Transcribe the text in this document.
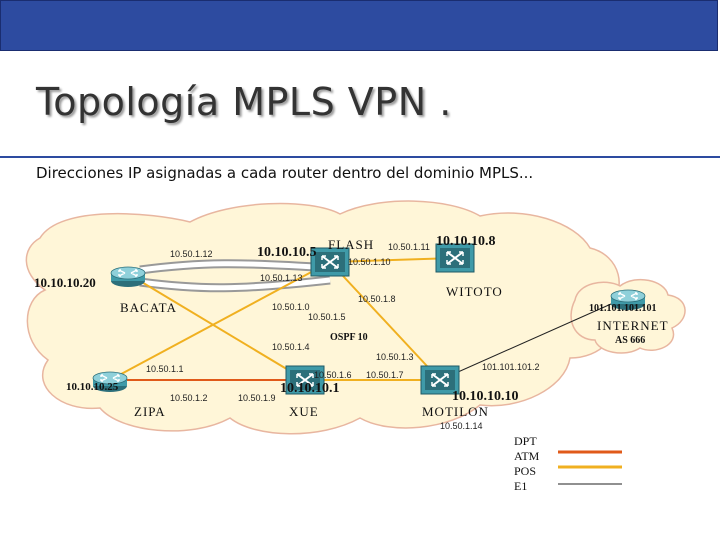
Topología MPLS VPN .
Direcciones IP asignadas a cada router dentro del dominio MPLS...
BACATA
FLASH
WITOTO
INTERNET
ZIPA	XUE	MOTILON
10.10.10.20
10.10.10.5
10.10.10.8
101.101.101.101
AS 666
10.10.10.25	10.10.10.1
10.10.10.10
10.50.1.12
10.50.1.13
10.50.1.11
10.50.1.10
10.50.1.8
10.50.1.0
10.50.1.5
10.50.1.4
10.50.1.3
10.50.1.1
10.50.1.2	10.50.1.9
10.50.1.6 10.50.1.7
10.50.1.14
101.101.101.2
OSPF 10
DPT
ATM
POS
E1
